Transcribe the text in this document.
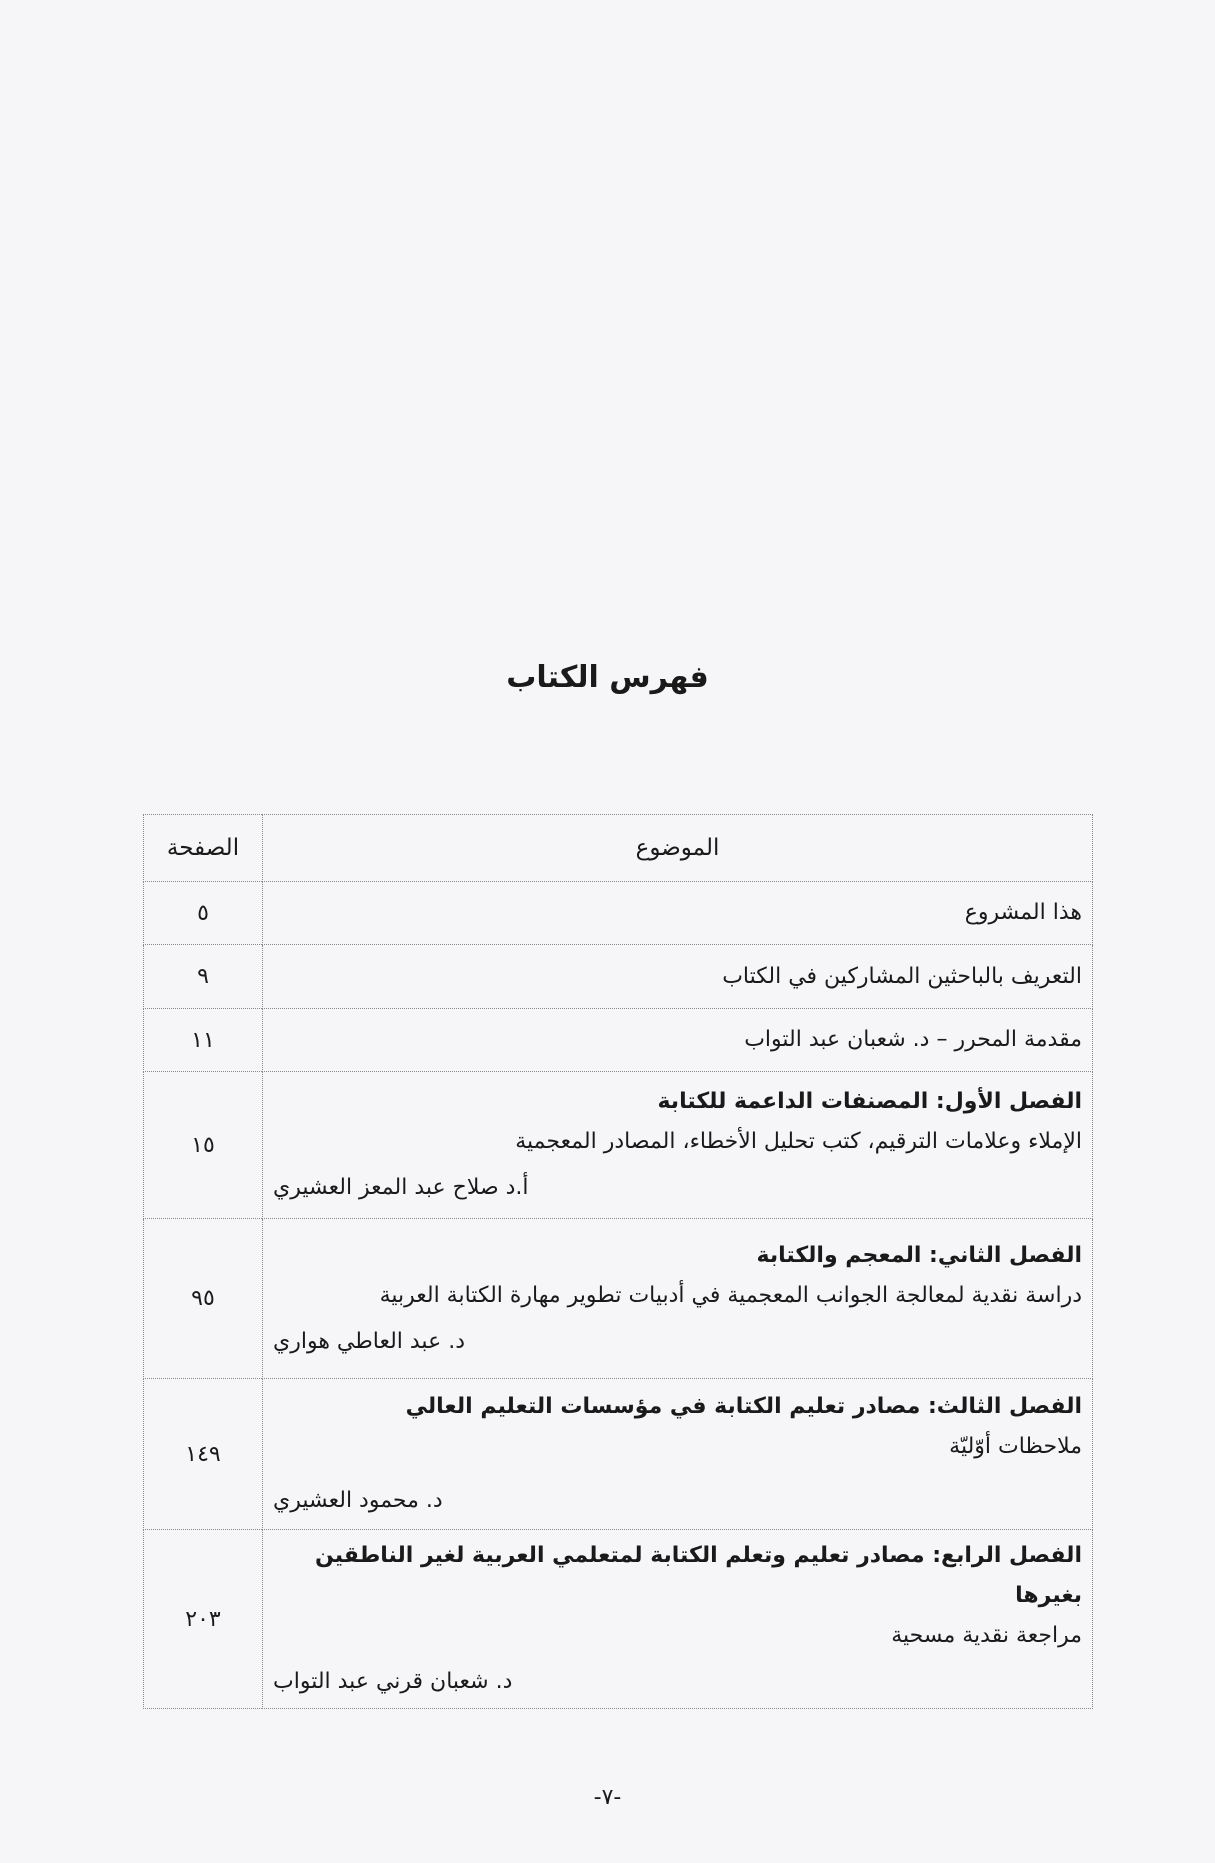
فهرس الكتاب
الموضوع	الصفحة
هذا المشروع	٥
التعريف بالباحثين المشاركين في الكتاب	٩
مقدمة المحرر – د. شعبان عبد التواب	١١

الفصل الأول: المصنفات الداعمة للكتابة
الإملاء وعلامات الترقيم، كتب تحليل الأخطاء، المصادر المعجمية
أ.د صلاح عبد المعز العشيري	١٥

الفصل الثاني: المعجم والكتابة
دراسة نقدية لمعالجة الجوانب المعجمية في أدبيات تطوير مهارة الكتابة العربية
د. عبد العاطي هواري	٩٥

الفصل الثالث: مصادر تعليم الكتابة في مؤسسات التعليم العالي
ملاحظات أوّليّة
د. محمود العشيري	١٤٩

الفصل الرابع: مصادر تعليم وتعلم الكتابة لمتعلمي العربية لغير الناطقين بغيرها
مراجعة نقدية مسحية
د. شعبان قرني عبد التواب	٢٠٣
-٧-
